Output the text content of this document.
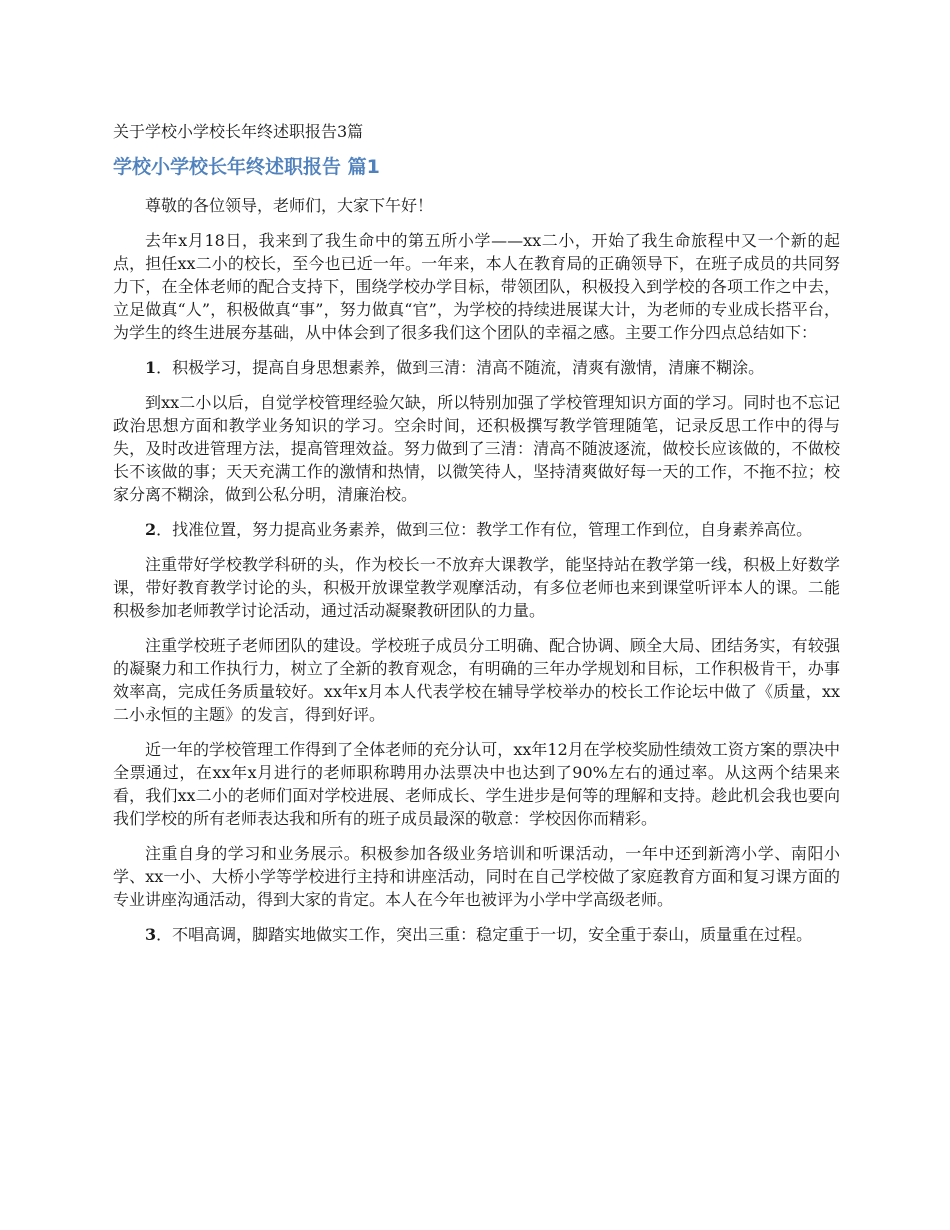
关于学校小学校长年终述职报告3篇
学校小学校长年终述职报告 篇1

尊敬的各位领导，老师们，大家下午好！

去年x月18日，我来到了我生命中的第五所小学——xx二小，开始了我生命旅程中又一个新的起点，担任xx二小的校长，至今也已近一年。一年来，本人在教育局的正确领导下，在班子成员的共同努力下，在全体老师的配合支持下，围绕学校办学目标，带领团队，积极投入到学校的各项工作之中去，立足做真“人”，积极做真“事”，努力做真“官”，为学校的持续进展谋大计，为老师的专业成长搭平台，为学生的终生进展夯基础，从中体会到了很多我们这个团队的幸福之感。主要工作分四点总结如下：

1．积极学习，提高自身思想素养，做到三清：清高不随流，清爽有激情，清廉不糊涂。

到xx二小以后，自觉学校管理经验欠缺，所以特别加强了学校管理知识方面的学习。同时也不忘记政治思想方面和教学业务知识的学习。空余时间，还积极撰写教学管理随笔，记录反思工作中的得与失，及时改进管理方法，提高管理效益。努力做到了三清：清高不随波逐流，做校长应该做的，不做校长不该做的事；天天充满工作的激情和热情，以微笑待人，坚持清爽做好每一天的工作，不拖不拉；校家分离不糊涂，做到公私分明，清廉治校。

2．找准位置，努力提高业务素养，做到三位：教学工作有位，管理工作到位，自身素养高位。

注重带好学校教学科研的头，作为校长一不放弃大课教学，能坚持站在教学第一线，积极上好数学课，带好教育教学讨论的头，积极开放课堂教学观摩活动，有多位老师也来到课堂听评本人的课。二能积极参加老师教学讨论活动，通过活动凝聚教研团队的力量。

注重学校班子老师团队的建设。学校班子成员分工明确、配合协调、顾全大局、团结务实，有较强的凝聚力和工作执行力，树立了全新的教育观念，有明确的三年办学规划和目标，工作积极肯干，办事效率高，完成任务质量较好。xx年x月本人代表学校在辅导学校举办的校长工作论坛中做了《质量，xx二小永恒的主题》的发言，得到好评。

近一年的学校管理工作得到了全体老师的充分认可，xx年12月在学校奖励性绩效工资方案的票决中全票通过，在xx年x月进行的老师职称聘用办法票决中也达到了90%左右的通过率。从这两个结果来看，我们xx二小的老师们面对学校进展、老师成长、学生进步是何等的理解和支持。趁此机会我也要向我们学校的所有老师表达我和所有的班子成员最深的敬意：学校因你而精彩。

注重自身的学习和业务展示。积极参加各级业务培训和听课活动，一年中还到新湾小学、南阳小学、xx一小、大桥小学等学校进行主持和讲座活动，同时在自己学校做了家庭教育方面和复习课方面的专业讲座沟通活动，得到大家的肯定。本人在今年也被评为小学中学高级老师。

3．不唱高调，脚踏实地做实工作，突出三重：稳定重于一切，安全重于泰山，质量重在过程。
